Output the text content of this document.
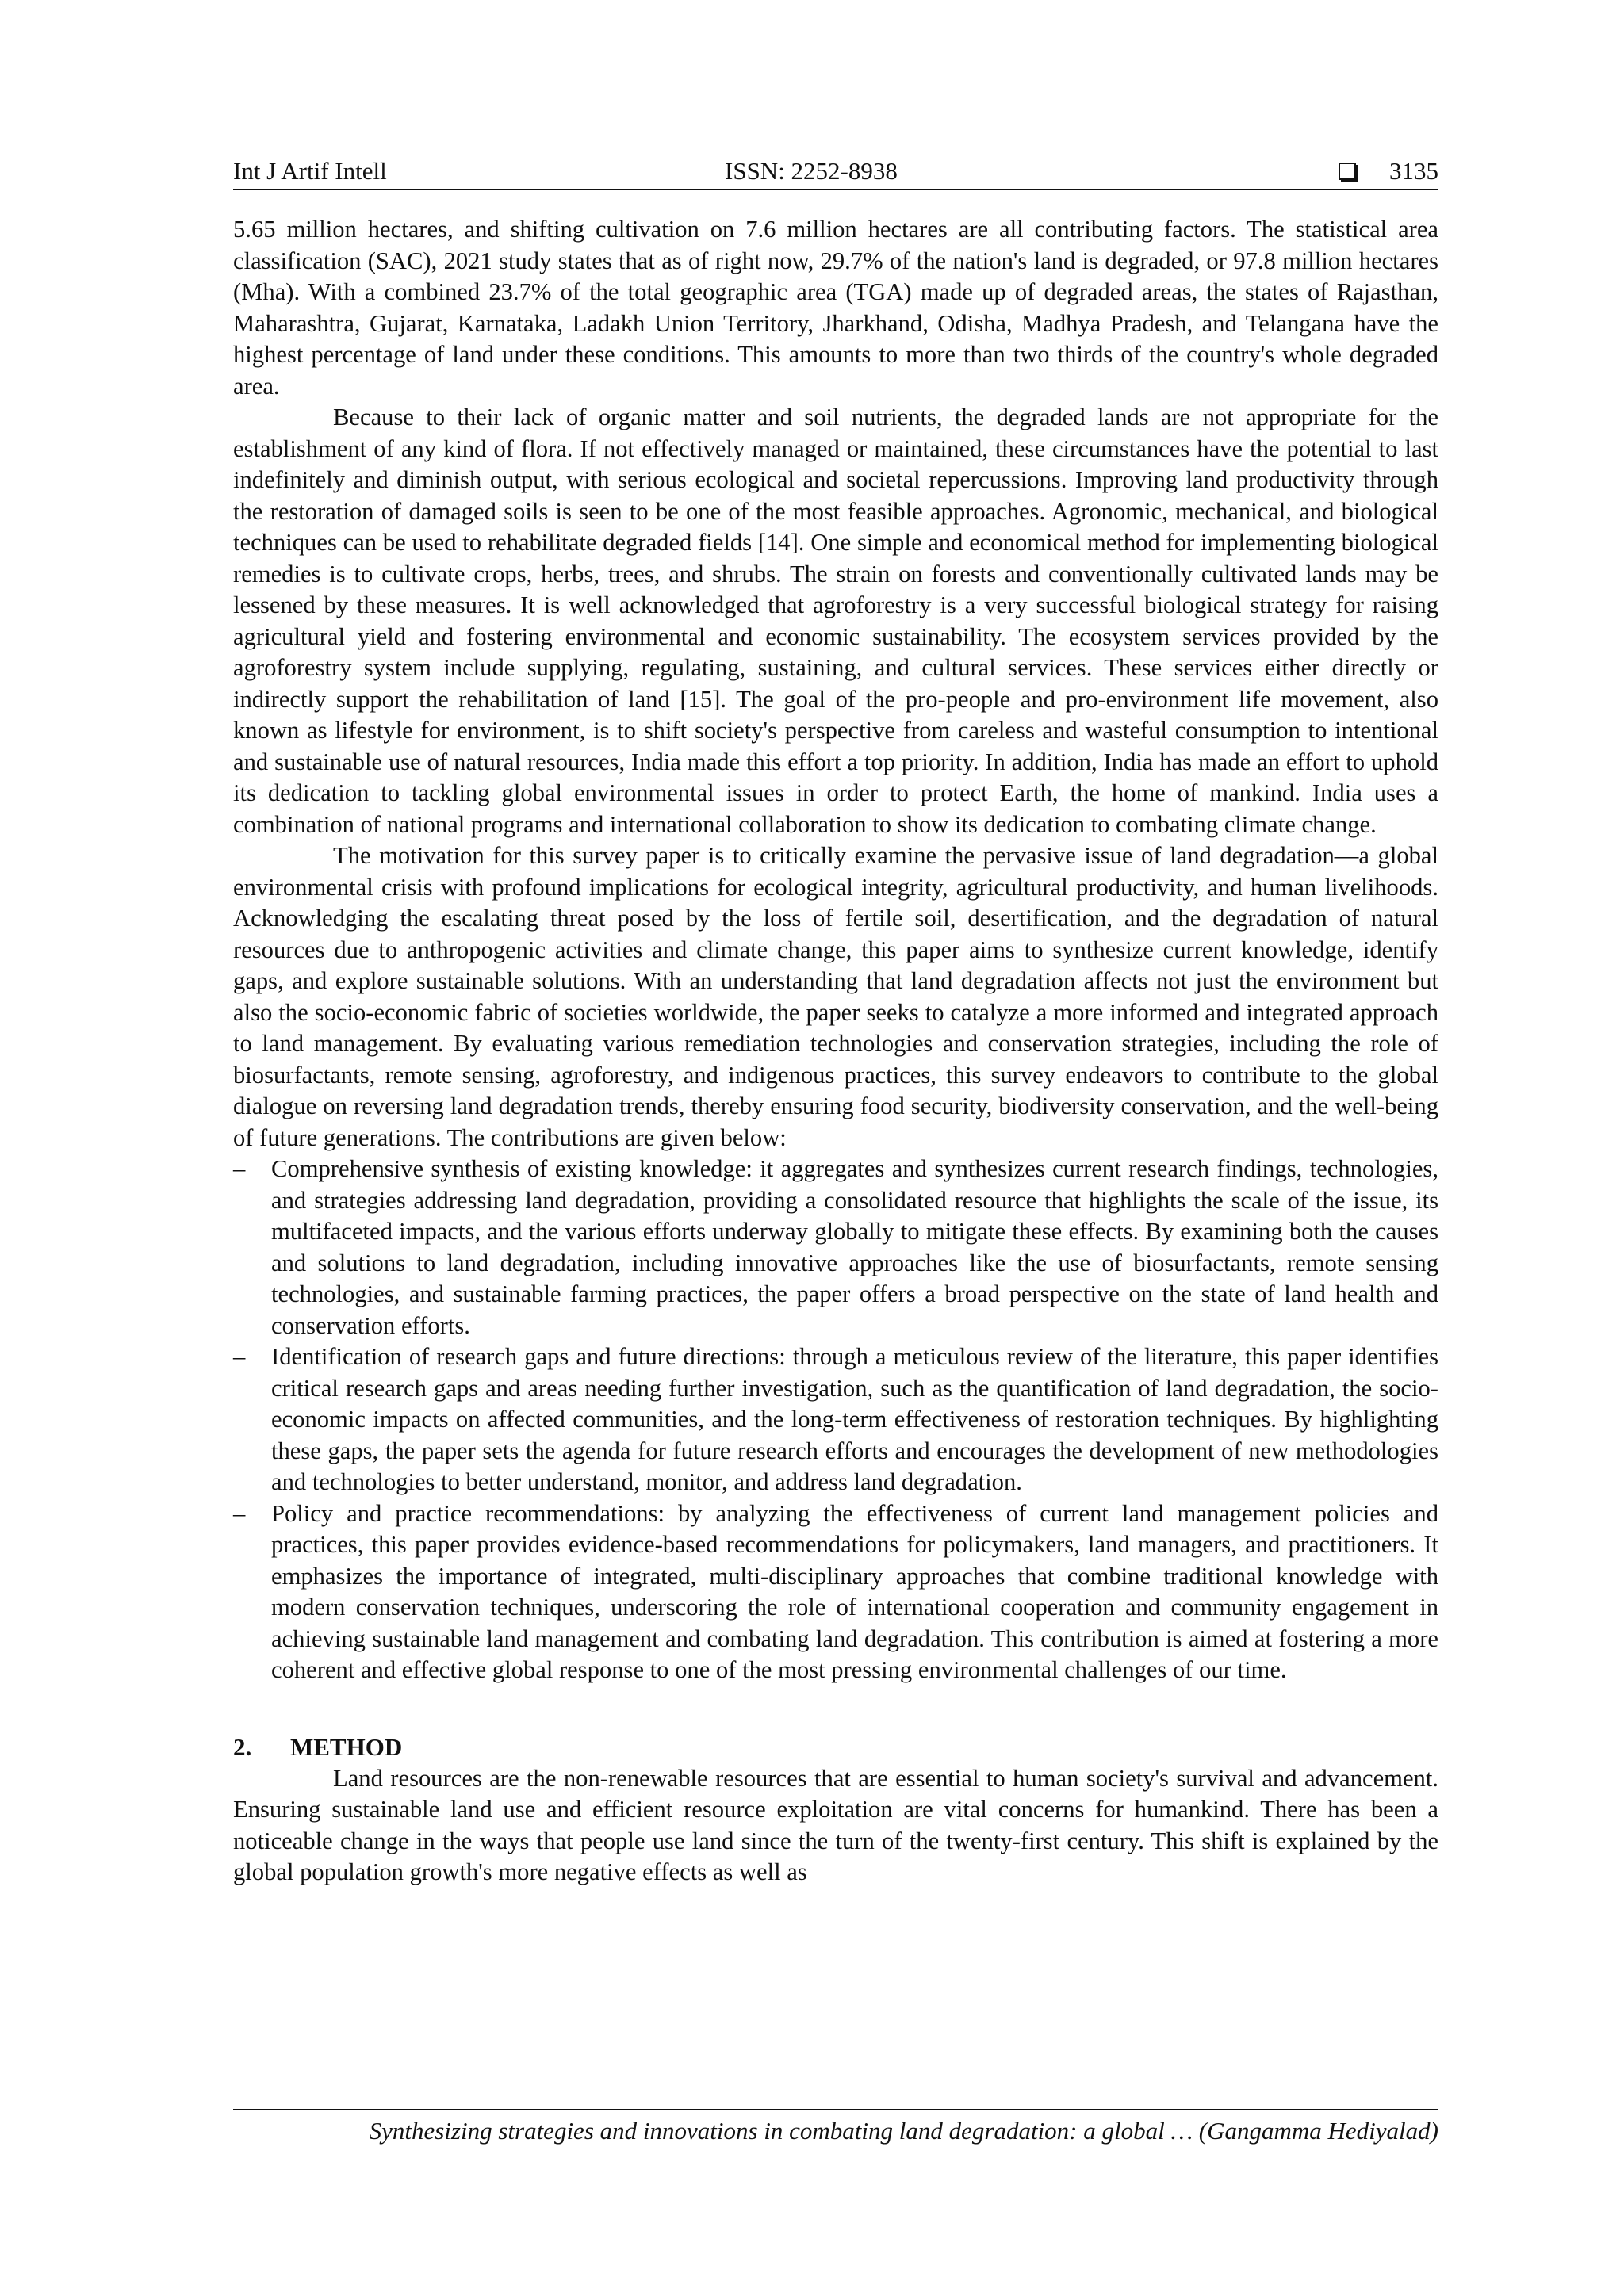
Int J Artif Intell	ISSN: 2252-8938	3135

5.65 million hectares, and shifting cultivation on 7.6 million hectares are all contributing factors. The statistical area classification (SAC), 2021 study states that as of right now, 29.7% of the nation's land is degraded, or 97.8 million hectares (Mha). With a combined 23.7% of the total geographic area (TGA) made up of degraded areas, the states of Rajasthan, Maharashtra, Gujarat, Karnataka, Ladakh Union Territory, Jharkhand, Odisha, Madhya Pradesh, and Telangana have the highest percentage of land under these conditions. This amounts to more than two thirds of the country's whole degraded area.

Because to their lack of organic matter and soil nutrients, the degraded lands are not appropriate for the establishment of any kind of flora. If not effectively managed or maintained, these circumstances have the potential to last indefinitely and diminish output, with serious ecological and societal repercussions. Improving land productivity through the restoration of damaged soils is seen to be one of the most feasible approaches. Agronomic, mechanical, and biological techniques can be used to rehabilitate degraded fields [14]. One simple and economical method for implementing biological remedies is to cultivate crops, herbs, trees, and shrubs. The strain on forests and conventionally cultivated lands may be lessened by these measures. It is well acknowledged that agroforestry is a very successful biological strategy for raising agricultural yield and fostering environmental and economic sustainability. The ecosystem services provided by the agroforestry system include supplying, regulating, sustaining, and cultural services. These services either directly or indirectly support the rehabilitation of land [15]. The goal of the pro-people and pro-environment life movement, also known as lifestyle for environment, is to shift society's perspective from careless and wasteful consumption to intentional and sustainable use of natural resources, India made this effort a top priority. In addition, India has made an effort to uphold its dedication to tackling global environmental issues in order to protect Earth, the home of mankind. India uses a combination of national programs and international collaboration to show its dedication to combating climate change.

The motivation for this survey paper is to critically examine the pervasive issue of land degradation—a global environmental crisis with profound implications for ecological integrity, agricultural productivity, and human livelihoods. Acknowledging the escalating threat posed by the loss of fertile soil, desertification, and the degradation of natural resources due to anthropogenic activities and climate change, this paper aims to synthesize current knowledge, identify gaps, and explore sustainable solutions. With an understanding that land degradation affects not just the environment but also the socio-economic fabric of societies worldwide, the paper seeks to catalyze a more informed and integrated approach to land management. By evaluating various remediation technologies and conservation strategies, including the role of biosurfactants, remote sensing, agroforestry, and indigenous practices, this survey endeavors to contribute to the global dialogue on reversing land degradation trends, thereby ensuring food security, biodiversity conservation, and the well-being of future generations. The contributions are given below:

– Comprehensive synthesis of existing knowledge: it aggregates and synthesizes current research findings, technologies, and strategies addressing land degradation, providing a consolidated resource that highlights the scale of the issue, its multifaceted impacts, and the various efforts underway globally to mitigate these effects. By examining both the causes and solutions to land degradation, including innovative approaches like the use of biosurfactants, remote sensing technologies, and sustainable farming practices, the paper offers a broad perspective on the state of land health and conservation efforts.
– Identification of research gaps and future directions: through a meticulous review of the literature, this paper identifies critical research gaps and areas needing further investigation, such as the quantification of land degradation, the socio-economic impacts on affected communities, and the long-term effectiveness of restoration techniques. By highlighting these gaps, the paper sets the agenda for future research efforts and encourages the development of new methodologies and technologies to better understand, monitor, and address land degradation.
– Policy and practice recommendations: by analyzing the effectiveness of current land management policies and practices, this paper provides evidence-based recommendations for policymakers, land managers, and practitioners. It emphasizes the importance of integrated, multi-disciplinary approaches that combine traditional knowledge with modern conservation techniques, underscoring the role of international cooperation and community engagement in achieving sustainable land management and combating land degradation. This contribution is aimed at fostering a more coherent and effective global response to one of the most pressing environmental challenges of our time.
2. METHOD

Land resources are the non-renewable resources that are essential to human society's survival and advancement. Ensuring sustainable land use and efficient resource exploitation are vital concerns for humankind. There has been a noticeable change in the ways that people use land since the turn of the twenty-first century. This shift is explained by the global population growth's more negative effects as well as

Synthesizing strategies and innovations in combating land degradation: a global … (Gangamma Hediyalad)
